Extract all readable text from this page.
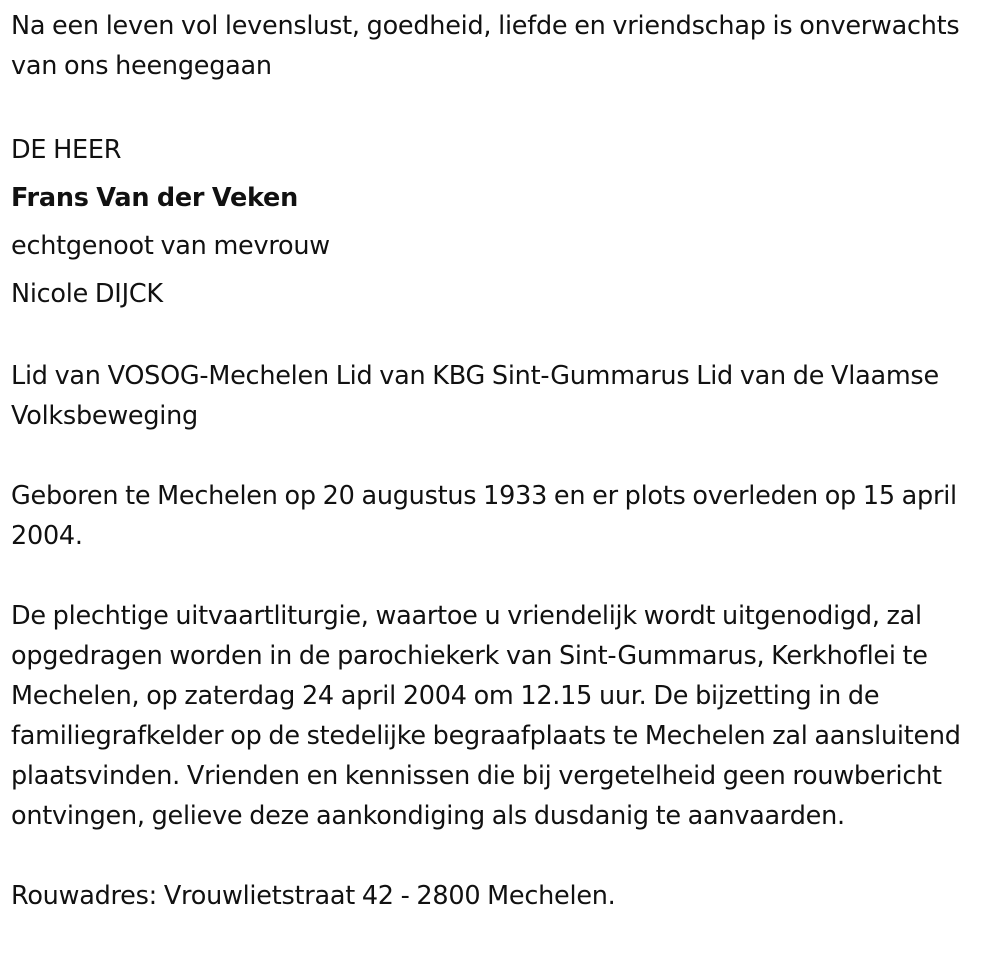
Na een leven vol levenslust, goedheid, liefde en vriendschap is onverwachts van ons heengegaan

DE HEER

Frans Van der Veken

echtgenoot van mevrouw

Nicole DIJCK

Lid van VOSOG-Mechelen Lid van KBG Sint-Gummarus Lid van de Vlaamse Volksbeweging

Geboren te Mechelen op 20 augustus 1933 en er plots overleden op 15 april 2004.

De plechtige uitvaartliturgie, waartoe u vriendelijk wordt uitgenodigd, zal opgedragen worden in de parochiekerk van Sint-Gummarus, Kerkhoflei te Mechelen, op zaterdag 24 april 2004 om 12.15 uur. De bijzetting in de familiegrafkelder op de stedelijke begraafplaats te Mechelen zal aansluitend plaatsvinden. Vrienden en kennissen die bij vergetelheid geen rouwbericht ontvingen, gelieve deze aankondiging als dusdanig te aanvaarden.

Rouwadres: Vrouwlietstraat 42 - 2800 Mechelen.
